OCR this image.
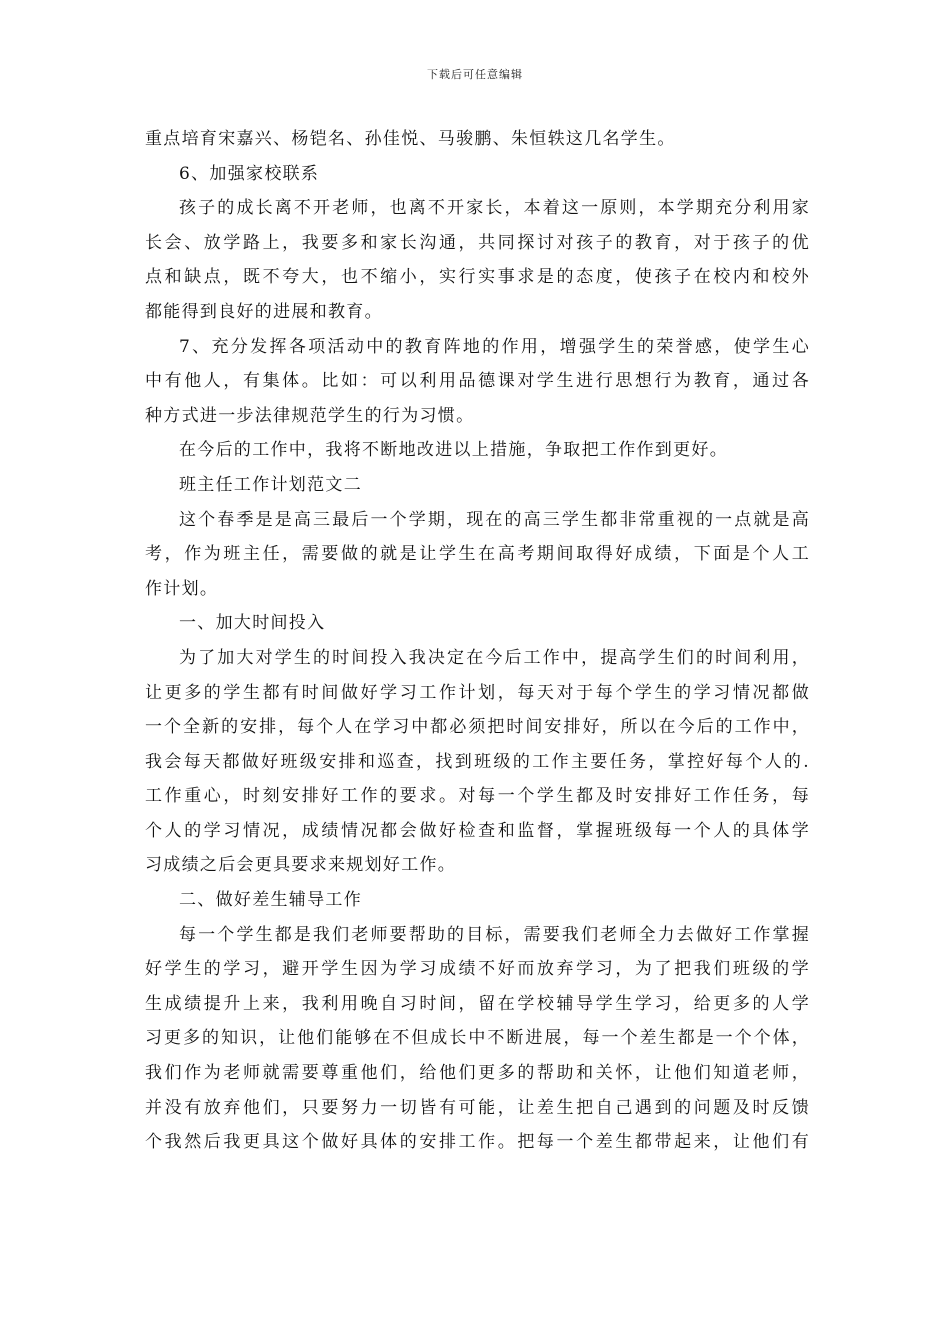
下载后可任意编辑
重点培育宋嘉兴、杨铠名、孙佳悦、马骏鹏、朱恒轶这几名学生。
6、加强家校联系
孩子的成长离不开老师，也离不开家长，本着这一原则，本学期充分利用家
长会、放学路上，我要多和家长沟通，共同探讨对孩子的教育，对于孩子的优
点和缺点，既不夸大，也不缩小，实行实事求是的态度，使孩子在校内和校外
都能得到良好的进展和教育。
7、充分发挥各项活动中的教育阵地的作用，增强学生的荣誉感，使学生心
中有他人，有集体。比如：可以利用品德课对学生进行思想行为教育，通过各
种方式进一步法律规范学生的行为习惯。
在今后的工作中，我将不断地改进以上措施，争取把工作作到更好。
班主任工作计划范文二
这个春季是是高三最后一个学期，现在的高三学生都非常重视的一点就是高
考，作为班主任，需要做的就是让学生在高考期间取得好成绩，下面是个人工
作计划。
一、加大时间投入
为了加大对学生的时间投入我决定在今后工作中，提高学生们的时间利用，
让更多的学生都有时间做好学习工作计划，每天对于每个学生的学习情况都做
一个全新的安排，每个人在学习中都必须把时间安排好，所以在今后的工作中，
我会每天都做好班级安排和巡查，找到班级的工作主要任务，掌控好每个人的.
工作重心，时刻安排好工作的要求。对每一个学生都及时安排好工作任务，每
个人的学习情况，成绩情况都会做好检查和监督，掌握班级每一个人的具体学
习成绩之后会更具要求来规划好工作。
二、做好差生辅导工作
每一个学生都是我们老师要帮助的目标，需要我们老师全力去做好工作掌握
好学生的学习，避开学生因为学习成绩不好而放弃学习，为了把我们班级的学
生成绩提升上来，我利用晚自习时间，留在学校辅导学生学习，给更多的人学
习更多的知识，让他们能够在不但成长中不断进展，每一个差生都是一个个体，
我们作为老师就需要尊重他们，给他们更多的帮助和关怀，让他们知道老师，
并没有放弃他们，只要努力一切皆有可能，让差生把自己遇到的问题及时反馈
个我然后我更具这个做好具体的安排工作。把每一个差生都带起来，让他们有
